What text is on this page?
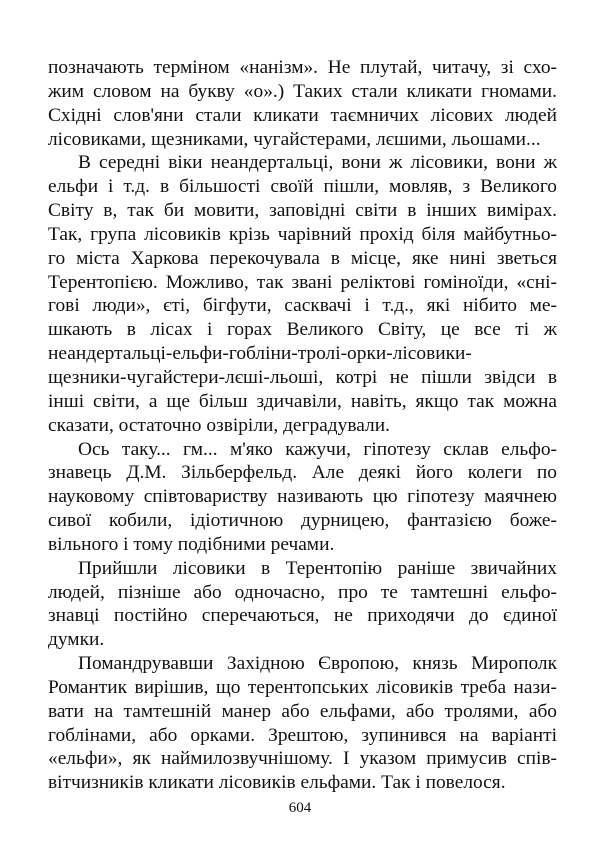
позначають терміном «нанізм». Не плутай, читачу, зі схо-
жим словом на букву «о».) Таких стали кликати гномами.
Східні слов'яни стали кликати таємничих лісових людей
лісовиками, щезниками, чугайстерами, лєшими, льошами...
В середні віки неандертальці, вони ж лісовики, вони ж
ельфи і т.д. в більшості своїй пішли, мовляв, з Великого
Світу в, так би мовити, заповідні світи в інших вимірах.
Так, група лісовиків крізь чарівний прохід біля майбутньо-
го міста Харкова перекочувала в місце, яке нині зветься
Терентопією. Можливо, так звані реліктові гоміноїди, «сні-
гові люди», єті, бігфути, сасквачі і т.д., які нібито ме-
шкають в лісах і горах Великого Світу, це все ті ж
неандертальці-ельфи-гобліни-тролі-орки-лісовики-
щезники-чугайстери-лєші-льоші, котрі не пішли звідси в
інші світи, а ще більш здичавіли, навіть, якщо так можна
сказати, остаточно озвіріли, деградували.
Ось таку... гм... м'яко кажучи, гіпотезу склав ельфо-
знавець Д.М. Зільберфельд. Але деякі його колеги по
науковому співтовариству називають цю гіпотезу маячнею
сивої кобили, ідіотичною дурницею, фантазією боже-
вільного і тому подібними речами.
Прийшли лісовики в Терентопію раніше звичайних
людей, пізніше або одночасно, про те тамтешні ельфо-
знавці постійно сперечаються, не приходячи до єдиної
думки.
Помандрувавши Західною Європою, князь Мирополк
Романтик вирішив, що терентопських лісовиків треба нази-
вати на тамтешній манер або ельфами, або тролями, або
гоблінами, або орками. Зрештою, зупинився на варіанті
«ельфи», як наймилозвучнішому. І указом примусив спів-
вітчизників кликати лісовиків ельфами. Так і повелося.
604
